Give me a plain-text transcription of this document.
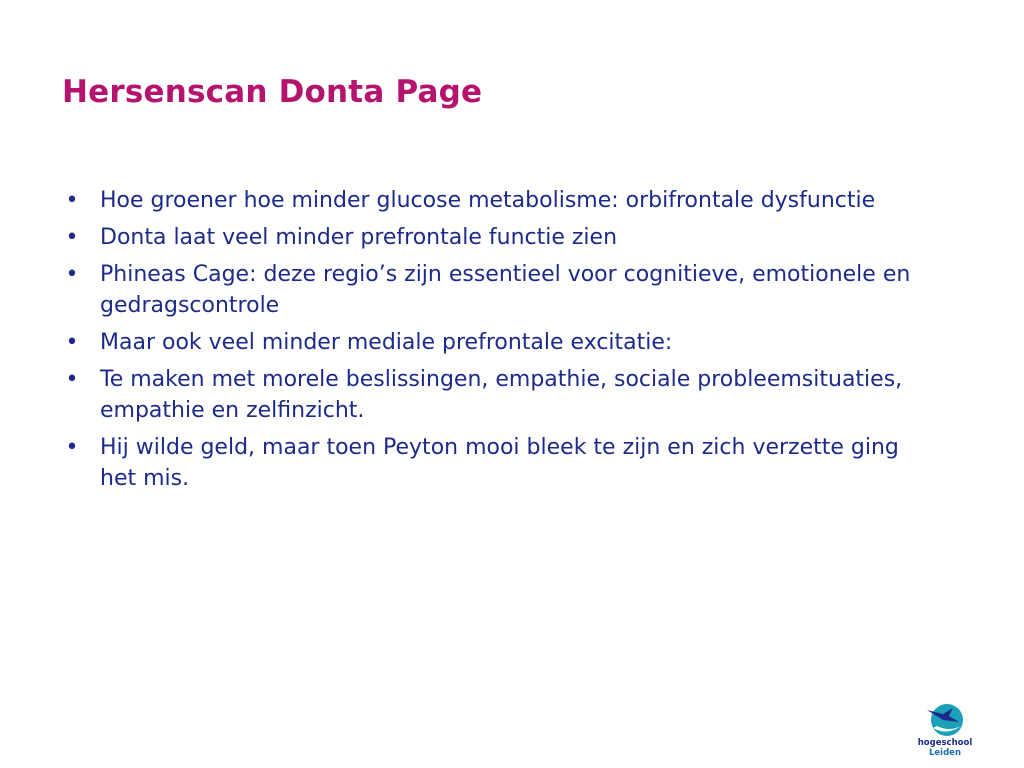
Hersenscan Donta Page
• Hoe groener hoe minder glucose metabolisme: orbifrontale dysfunctie
• Donta laat veel minder prefrontale functie zien
• Phineas Cage: deze regio’s zijn essentieel voor cognitieve, emotionele en gedragscontrole
• Maar ook veel minder mediale prefrontale excitatie:
• Te maken met morele beslissingen, empathie, sociale probleemsituaties, empathie en zelfinzicht.
• Hij wilde geld, maar toen Peyton mooi bleek te zijn en zich verzette ging het mis.
hogeschool
Leiden
